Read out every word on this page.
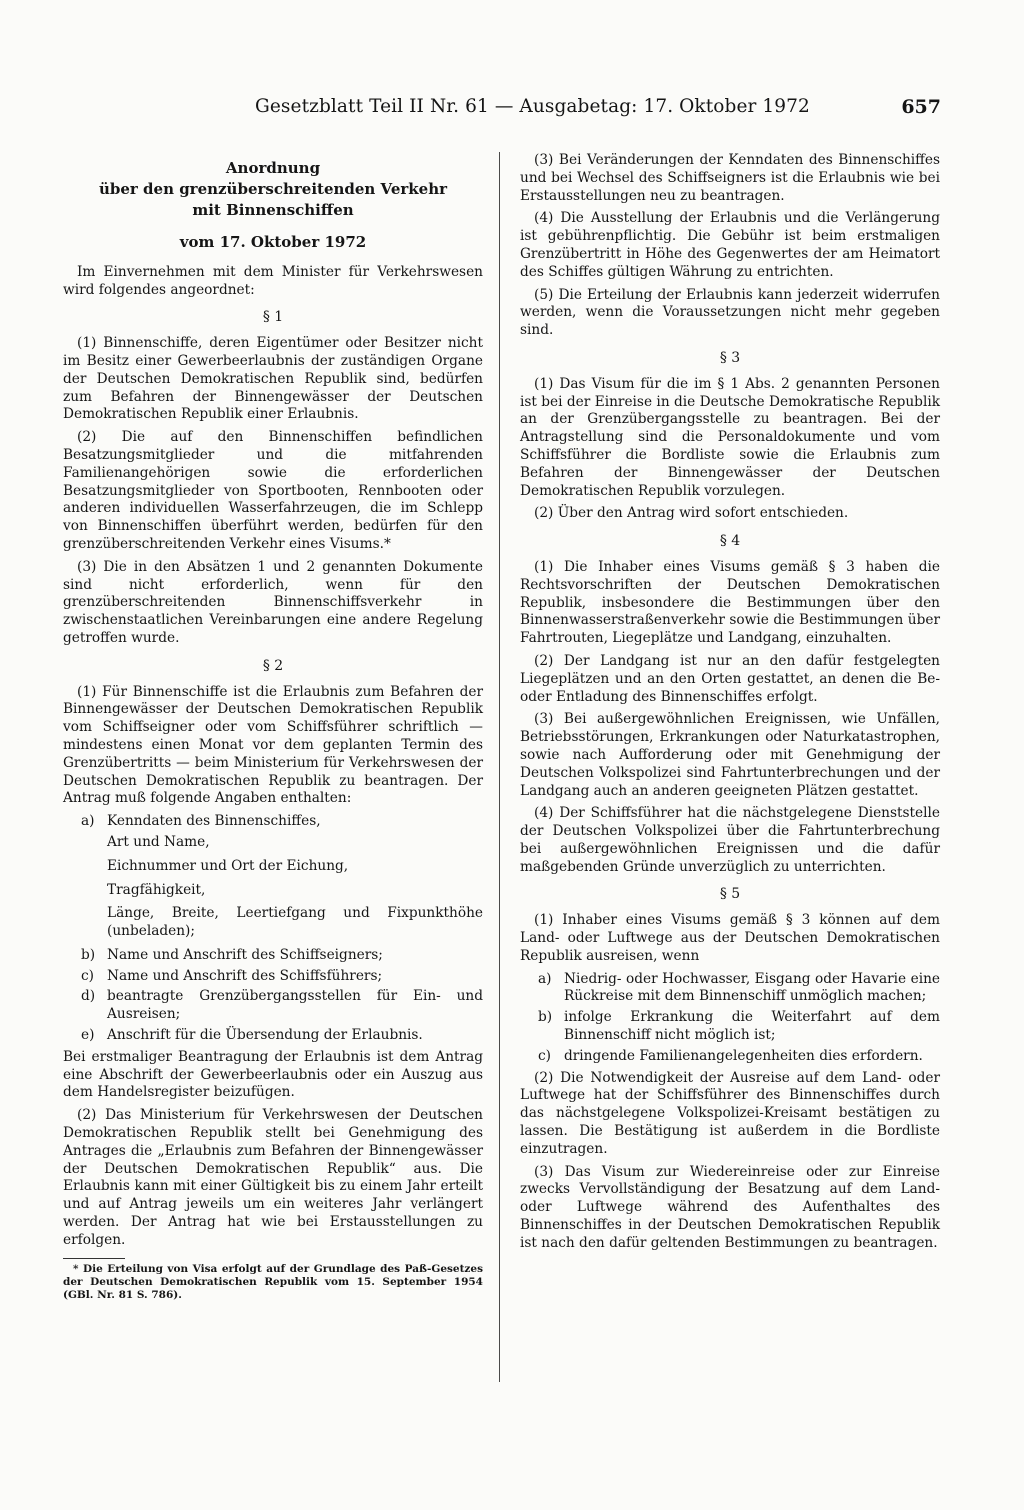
Gesetzblatt Teil II Nr. 61 — Ausgabetag: 17. Oktober 1972	657
Anordnung
über den grenzüberschreitenden Verkehr
mit Binnenschiffen
vom 17. Oktober 1972

Im Einvernehmen mit dem Minister für Verkehrswesen wird folgendes angeordnet:

§ 1

(1) Binnenschiffe, deren Eigentümer oder Besitzer nicht im Besitz einer Gewerbeerlaubnis der zuständigen Organe der Deutschen Demokratischen Republik sind, bedürfen zum Befahren der Binnengewässer der Deutschen Demokratischen Republik einer Erlaubnis.

(2) Die auf den Binnenschiffen befindlichen Besatzungsmitglieder und die mitfahrenden Familienangehörigen sowie die erforderlichen Besatzungsmitglieder von Sportbooten, Rennbooten oder anderen individuellen Wasserfahrzeugen, die im Schlepp von Binnenschiffen überführt werden, bedürfen für den grenzüberschreitenden Verkehr eines Visums.*

(3) Die in den Absätzen 1 und 2 genannten Dokumente sind nicht erforderlich, wenn für den grenzüberschreitenden Binnenschiffsverkehr in zwischenstaatlichen Vereinbarungen eine andere Regelung getroffen wurde.

§ 2

(1) Für Binnenschiffe ist die Erlaubnis zum Befahren der Binnengewässer der Deutschen Demokratischen Republik vom Schiffseigner oder vom Schiffsführer schriftlich — mindestens einen Monat vor dem geplanten Termin des Grenzübertritts — beim Ministerium für Verkehrswesen der Deutschen Demokratischen Republik zu beantragen. Der Antrag muß folgende Angaben enthalten:

a) Kenndaten des Binnenschiffes,
Art und Name,
Eichnummer und Ort der Eichung,
Tragfähigkeit,
Länge, Breite, Leertiefgang und Fixpunkthöhe (unbeladen);
b) Name und Anschrift des Schiffseigners;
c) Name und Anschrift des Schiffsführers;
d) beantragte Grenzübergangsstellen für Ein- und Ausreisen;
e) Anschrift für die Übersendung der Erlaubnis.

Bei erstmaliger Beantragung der Erlaubnis ist dem Antrag eine Abschrift der Gewerbeerlaubnis oder ein Auszug aus dem Handelsregister beizufügen.

(2) Das Ministerium für Verkehrswesen der Deutschen Demokratischen Republik stellt bei Genehmigung des Antrages die „Erlaubnis zum Befahren der Binnengewässer der Deutschen Demokratischen Republik“ aus. Die Erlaubnis kann mit einer Gültigkeit bis zu einem Jahr erteilt und auf Antrag jeweils um ein weiteres Jahr verlängert werden. Der Antrag hat wie bei Erstausstellungen zu erfolgen.

* Die Erteilung von Visa erfolgt auf der Grundlage des Paß-Gesetzes der Deutschen Demokratischen Republik vom 15. September 1954 (GBl. Nr. 81 S. 786).

(3) Bei Veränderungen der Kenndaten des Binnenschiffes und bei Wechsel des Schiffseigners ist die Erlaubnis wie bei Erstausstellungen neu zu beantragen.

(4) Die Ausstellung der Erlaubnis und die Verlängerung ist gebührenpflichtig. Die Gebühr ist beim erstmaligen Grenzübertritt in Höhe des Gegenwertes der am Heimatort des Schiffes gültigen Währung zu entrichten.

(5) Die Erteilung der Erlaubnis kann jederzeit widerrufen werden, wenn die Voraussetzungen nicht mehr gegeben sind.

§ 3

(1) Das Visum für die im § 1 Abs. 2 genannten Personen ist bei der Einreise in die Deutsche Demokratische Republik an der Grenzübergangsstelle zu beantragen. Bei der Antragstellung sind die Personaldokumente und vom Schiffsführer die Bordliste sowie die Erlaubnis zum Befahren der Binnengewässer der Deutschen Demokratischen Republik vorzulegen.

(2) Über den Antrag wird sofort entschieden.

§ 4

(1) Die Inhaber eines Visums gemäß § 3 haben die Rechtsvorschriften der Deutschen Demokratischen Republik, insbesondere die Bestimmungen über den Binnenwasserstraßenverkehr sowie die Bestimmungen über Fahrtrouten, Liegeplätze und Landgang, einzuhalten.

(2) Der Landgang ist nur an den dafür festgelegten Liegeplätzen und an den Orten gestattet, an denen die Be- oder Entladung des Binnenschiffes erfolgt.

(3) Bei außergewöhnlichen Ereignissen, wie Unfällen, Betriebsstörungen, Erkrankungen oder Naturkatastrophen, sowie nach Aufforderung oder mit Genehmigung der Deutschen Volkspolizei sind Fahrtunterbrechungen und der Landgang auch an anderen geeigneten Plätzen gestattet.

(4) Der Schiffsführer hat die nächstgelegene Dienststelle der Deutschen Volkspolizei über die Fahrtunterbrechung bei außergewöhnlichen Ereignissen und die dafür maßgebenden Gründe unverzüglich zu unterrichten.

§ 5

(1) Inhaber eines Visums gemäß § 3 können auf dem Land- oder Luftwege aus der Deutschen Demokratischen Republik ausreisen, wenn

a) Niedrig- oder Hochwasser, Eisgang oder Havarie eine Rückreise mit dem Binnenschiff unmöglich machen;
b) infolge Erkrankung die Weiterfahrt auf dem Binnenschiff nicht möglich ist;
c) dringende Familienangelegenheiten dies erfordern.

(2) Die Notwendigkeit der Ausreise auf dem Land- oder Luftwege hat der Schiffsführer des Binnenschiffes durch das nächstgelegene Volkspolizei-Kreisamt bestätigen zu lassen. Die Bestätigung ist außerdem in die Bordliste einzutragen.

(3) Das Visum zur Wiedereinreise oder zur Einreise zwecks Vervollständigung der Besatzung auf dem Land- oder Luftwege während des Aufenthaltes des Binnenschiffes in der Deutschen Demokratischen Republik ist nach den dafür geltenden Bestimmungen zu beantragen.
